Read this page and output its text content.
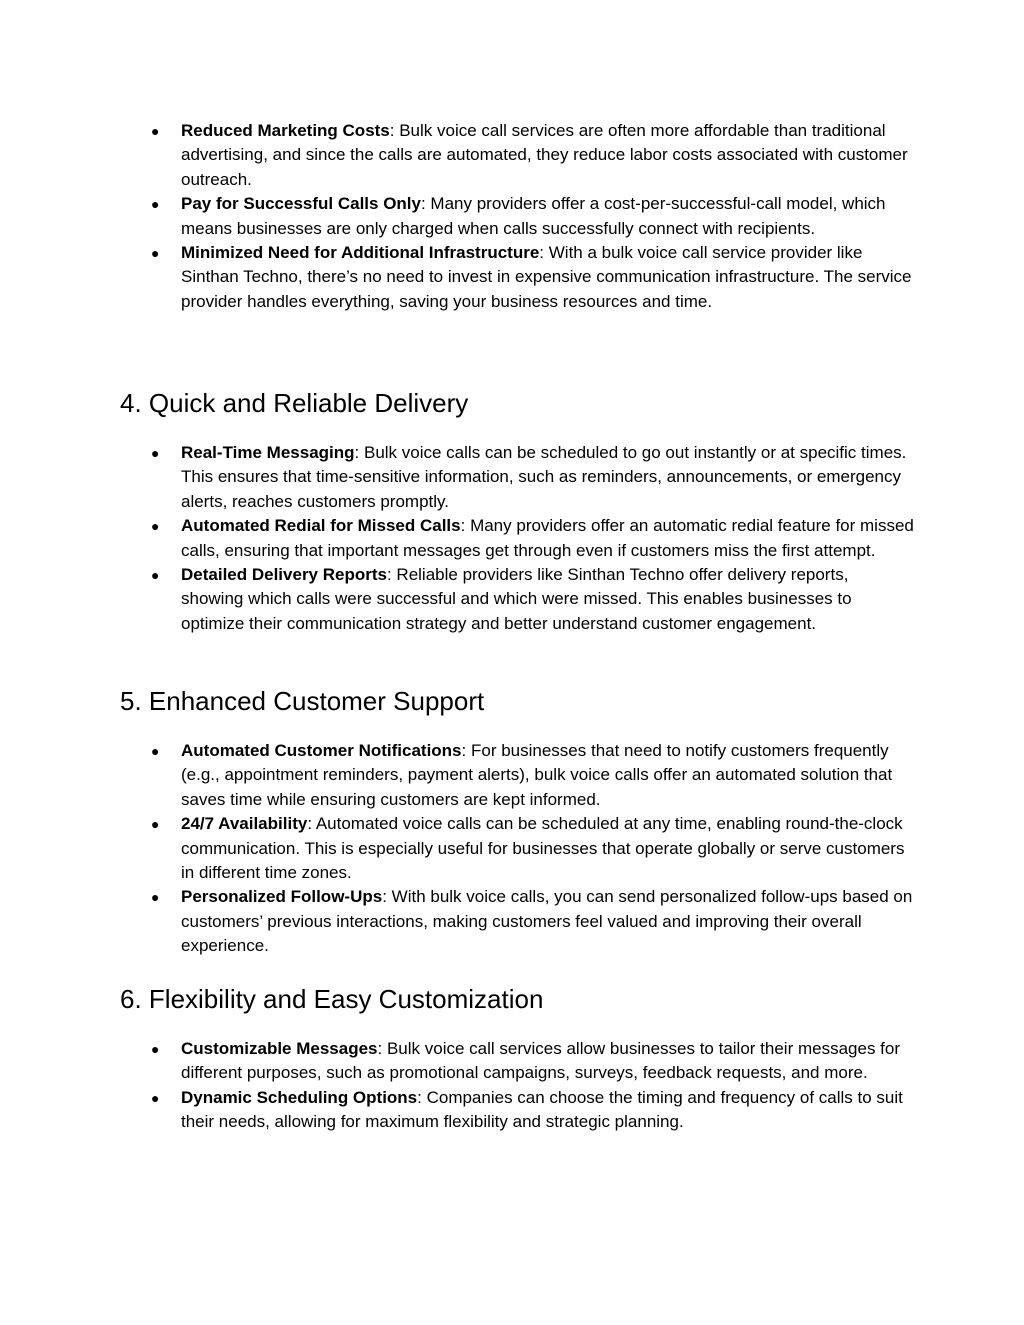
● Reduced Marketing Costs: Bulk voice call services are often more affordable than traditional advertising, and since the calls are automated, they reduce labor costs associated with customer outreach.
● Pay for Successful Calls Only: Many providers offer a cost-per-successful-call model, which means businesses are only charged when calls successfully connect with recipients.
● Minimized Need for Additional Infrastructure: With a bulk voice call service provider like Sinthan Techno, there’s no need to invest in expensive communication infrastructure. The service provider handles everything, saving your business resources and time.
4. Quick and Reliable Delivery
● Real-Time Messaging: Bulk voice calls can be scheduled to go out instantly or at specific times. This ensures that time-sensitive information, such as reminders, announcements, or emergency alerts, reaches customers promptly.
● Automated Redial for Missed Calls: Many providers offer an automatic redial feature for missed calls, ensuring that important messages get through even if customers miss the first attempt.
● Detailed Delivery Reports: Reliable providers like Sinthan Techno offer delivery reports, showing which calls were successful and which were missed. This enables businesses to optimize their communication strategy and better understand customer engagement.
5. Enhanced Customer Support
● Automated Customer Notifications: For businesses that need to notify customers frequently (e.g., appointment reminders, payment alerts), bulk voice calls offer an automated solution that saves time while ensuring customers are kept informed.
● 24/7 Availability: Automated voice calls can be scheduled at any time, enabling round-the-clock communication. This is especially useful for businesses that operate globally or serve customers in different time zones.
● Personalized Follow-Ups: With bulk voice calls, you can send personalized follow-ups based on customers’ previous interactions, making customers feel valued and improving their overall experience.
6. Flexibility and Easy Customization
● Customizable Messages: Bulk voice call services allow businesses to tailor their messages for different purposes, such as promotional campaigns, surveys, feedback requests, and more.
● Dynamic Scheduling Options: Companies can choose the timing and frequency of calls to suit their needs, allowing for maximum flexibility and strategic planning.
